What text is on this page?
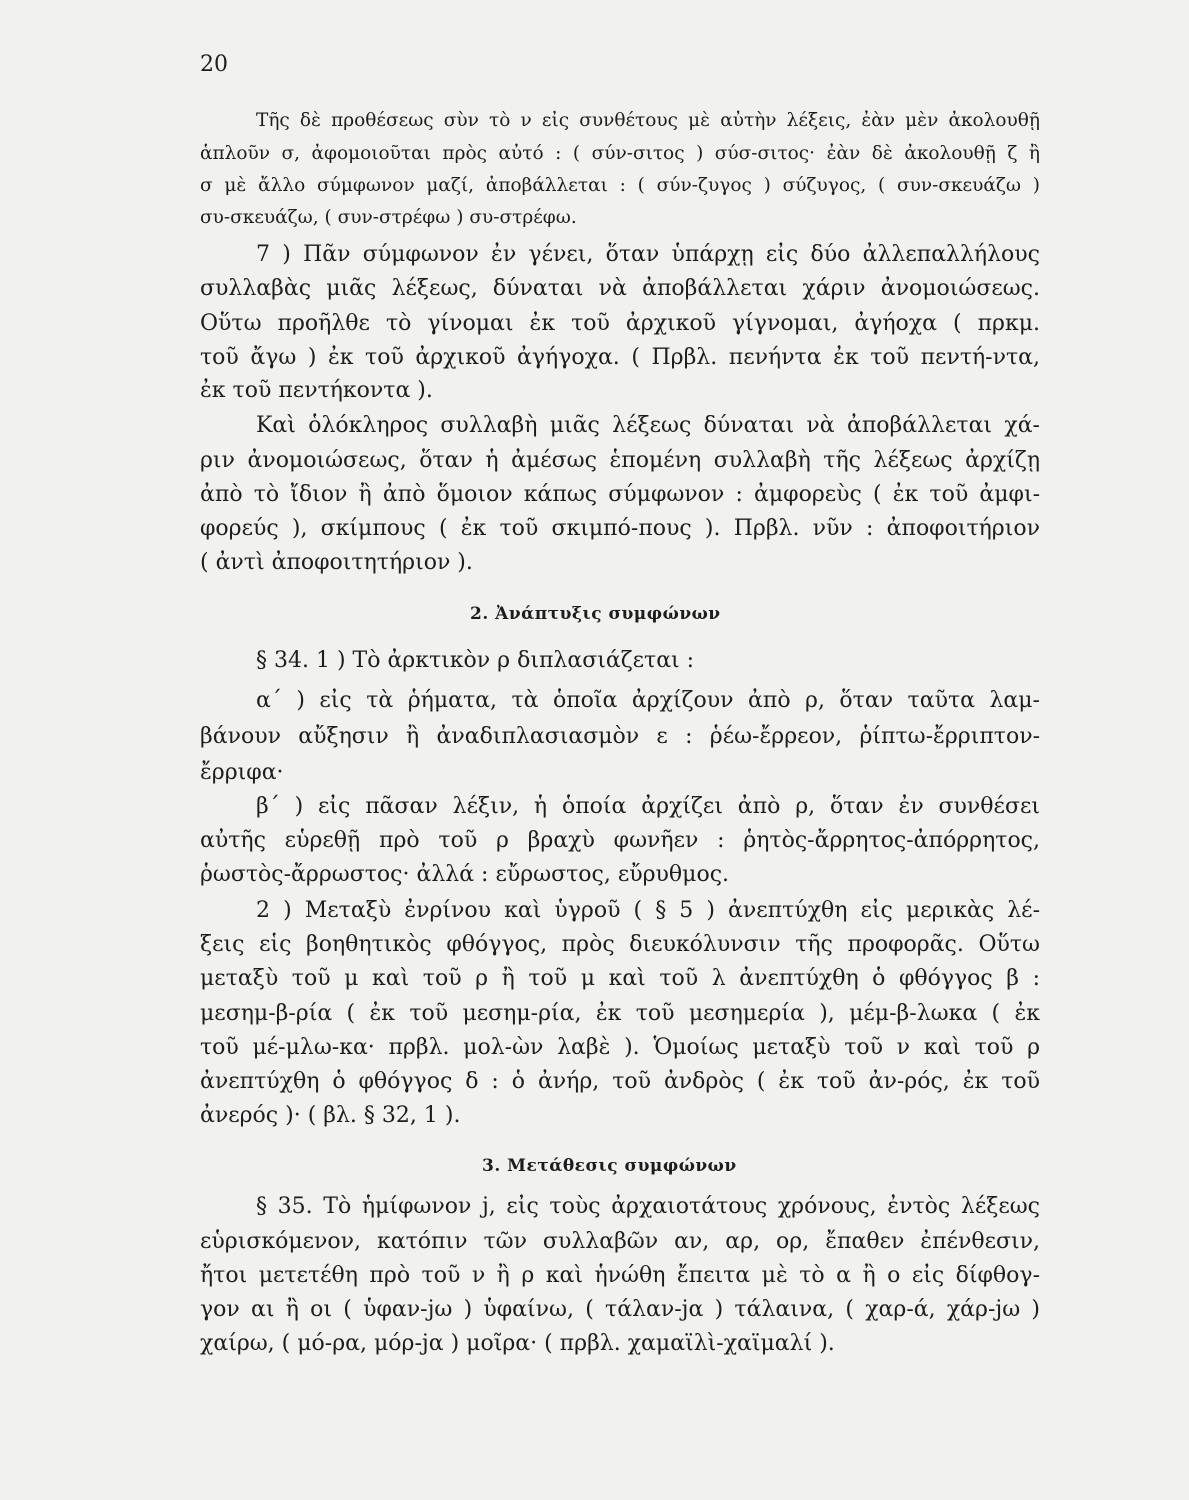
20
Τῆς δὲ προθέσεως σὺν τὸ ν εἰς συνθέτους μὲ αὐτὴν λέξεις, ἐὰν μὲν ἀκολουθῇ
ἁπλοῦν σ, ἀφομοιοῦται πρὸς αὐτό : ( σύν-σιτος ) σύσ-σιτος· ἐὰν δὲ ἀκολουθῇ ζ ἢ
σ μὲ ἄλλο σύμφωνον μαζί, ἀποβάλλεται : ( σύν-ζυγος ) σύζυγος, ( συν-σκευάζω )
συ-σκευάζω, ( συν-στρέφω ) συ-στρέφω.
7 ) Πᾶν σύμφωνον ἐν γένει, ὅταν ὑπάρχῃ εἰς δύο ἀλλεπαλλήλους
συλλαβὰς μιᾶς λέξεως, δύναται νὰ ἀποβάλλεται χάριν ἀνομοιώσεως.
Οὕτω προῆλθε τὸ γίνομαι ἐκ τοῦ ἀρχικοῦ γίγνομαι, ἀγήοχα ( πρκμ.
τοῦ ἄγω ) ἐκ τοῦ ἀρχικοῦ ἀγήγοχα. ( Πρβλ. πενήντα ἐκ τοῦ πεντή-ντα,
ἐκ τοῦ πεντήκοντα ).
Καὶ ὁλόκληρος συλλαβὴ μιᾶς λέξεως δύναται νὰ ἀποβάλλεται χά-
ριν ἀνομοιώσεως, ὅταν ἡ ἀμέσως ἑπομένη συλλαβὴ τῆς λέξεως ἀρχίζῃ
ἀπὸ τὸ ἴδιον ἢ ἀπὸ ὅμοιον κάπως σύμφωνον : ἀμφορεὺς ( ἐκ τοῦ ἀμφι-
φορεύς ), σκίμπους ( ἐκ τοῦ σκιμπό-πους ). Πρβλ. νῦν : ἀποφοιτήριον
( ἀντὶ ἀποφοιτητήριον ).
2. Ἀνάπτυξις συμφώνων
§ 34. 1 ) Τὸ ἀρκτικὸν ρ διπλασιάζεται :
α΄ ) εἰς τὰ ῥήματα, τὰ ὁποῖα ἀρχίζουν ἀπὸ ρ, ὅταν ταῦτα λαμ-
βάνουν αὔξησιν ἢ ἀναδιπλασιασμὸν ε : ῥέω-ἔρρεον, ῥίπτω-ἔρριπτον-
ἔρριφα·
β΄ ) εἰς πᾶσαν λέξιν, ἡ ὁποία ἀρχίζει ἀπὸ ρ, ὅταν ἐν συνθέσει
αὐτῆς εὑρεθῇ πρὸ τοῦ ρ βραχὺ φωνῆεν : ῥητὸς-ἄρρητος-ἀπόρρητος,
ῥωστὸς-ἄρρωστος· ἀλλά : εὔρωστος, εὔρυθμος.
2 ) Μεταξὺ ἐνρίνου καὶ ὑγροῦ ( § 5 ) ἀνεπτύχθη εἰς μερικὰς λέ-
ξεις εἷς βοηθητικὸς φθόγγος, πρὸς διευκόλυνσιν τῆς προφορᾶς. Οὕτω
μεταξὺ τοῦ μ καὶ τοῦ ρ ἢ τοῦ μ καὶ τοῦ λ ἀνεπτύχθη ὁ φθόγγος β :
μεσημ-β-ρία ( ἐκ τοῦ μεσημ-ρία, ἐκ τοῦ μεσημερία ), μέμ-β-λωκα ( ἐκ
τοῦ μέ-μλω-κα· πρβλ. μολ-ὼν λαβὲ ). Ὁμοίως μεταξὺ τοῦ ν καὶ τοῦ ρ
ἀνεπτύχθη ὁ φθόγγος δ : ὁ ἀνήρ, τοῦ ἀνδρὸς ( ἐκ τοῦ ἀν-ρός, ἐκ τοῦ
ἀνερός )· ( βλ. § 32, 1 ).
3. Μετάθεσις συμφώνων
§ 35. Τὸ ἡμίφωνον j, εἰς τοὺς ἀρχαιοτάτους χρόνους, ἐντὸς λέξεως
εὑρισκόμενον, κατόπιν τῶν συλλαβῶν αν, αρ, ορ, ἔπαθεν ἐπένθεσιν,
ἤτοι μετετέθη πρὸ τοῦ ν ἢ ρ καὶ ἡνώθη ἔπειτα μὲ τὸ α ἢ ο εἰς δίφθογ-
γον αι ἢ οι ( ὑφαν-jω ) ὑφαίνω, ( τάλαν-jα ) τάλαινα, ( χαρ-ά, χάρ-jω )
χαίρω, ( μό-ρα, μόρ-jα ) μοῖρα· ( πρβλ. χαμαϊλὶ-χαϊμαλί ).
